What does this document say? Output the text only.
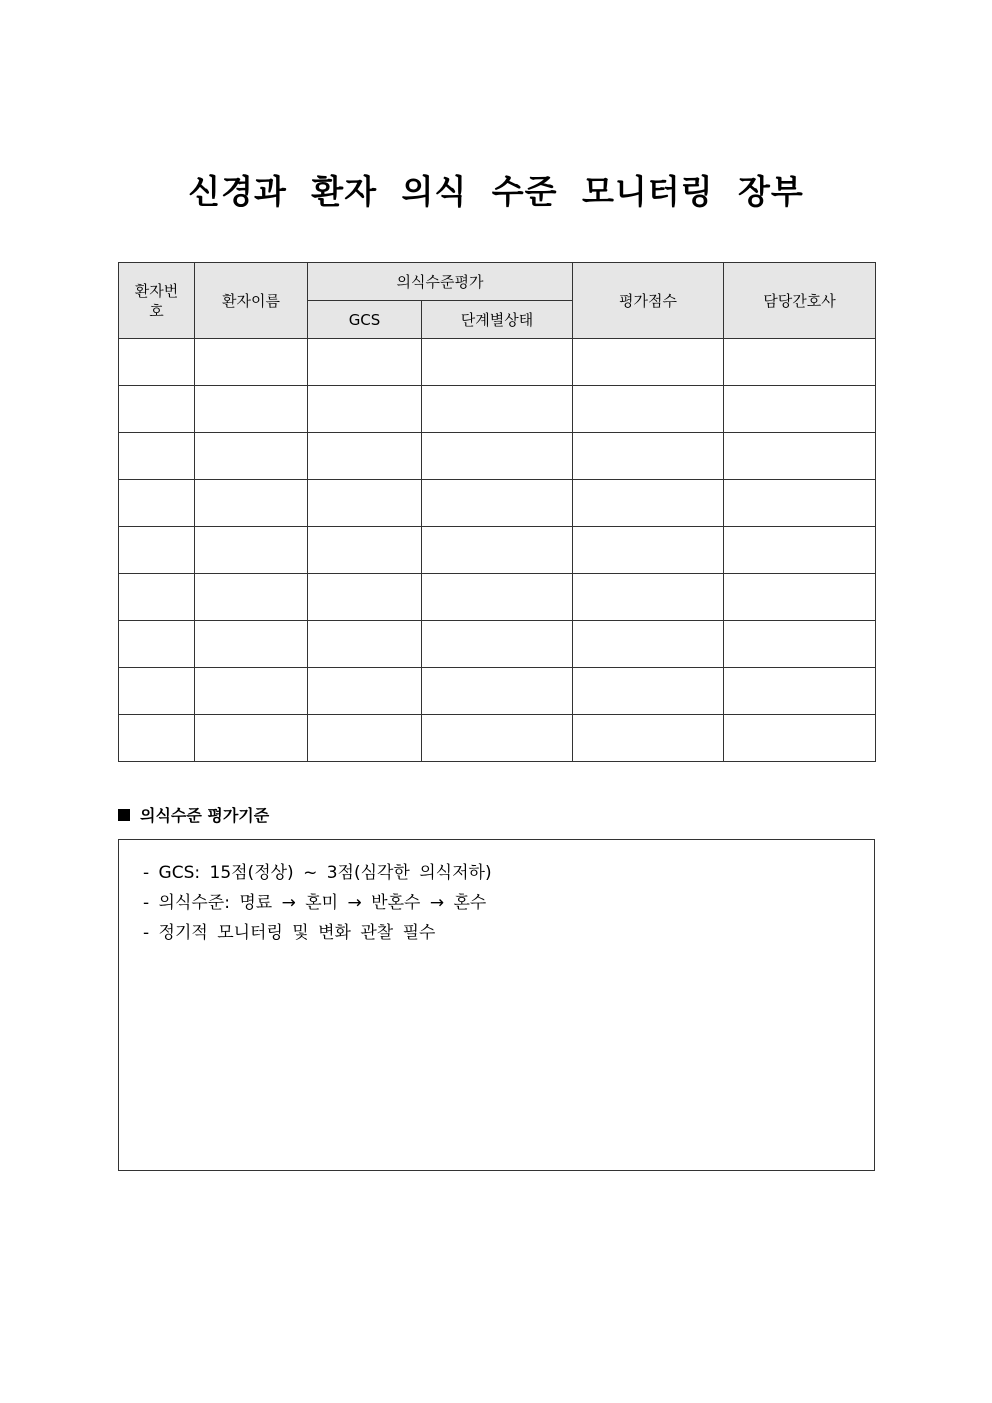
신경과 환자 의식 수준 모니터링 장부
환자번호	환자이름	의식수준평가		평가점수	담당간호사
		GCS	단계별상태		

의식수준 평가기준
- GCS: 15점(정상) ~ 3점(심각한 의식저하)
- 의식수준: 명료 → 혼미 → 반혼수 → 혼수
- 정기적 모니터링 및 변화 관찰 필수
